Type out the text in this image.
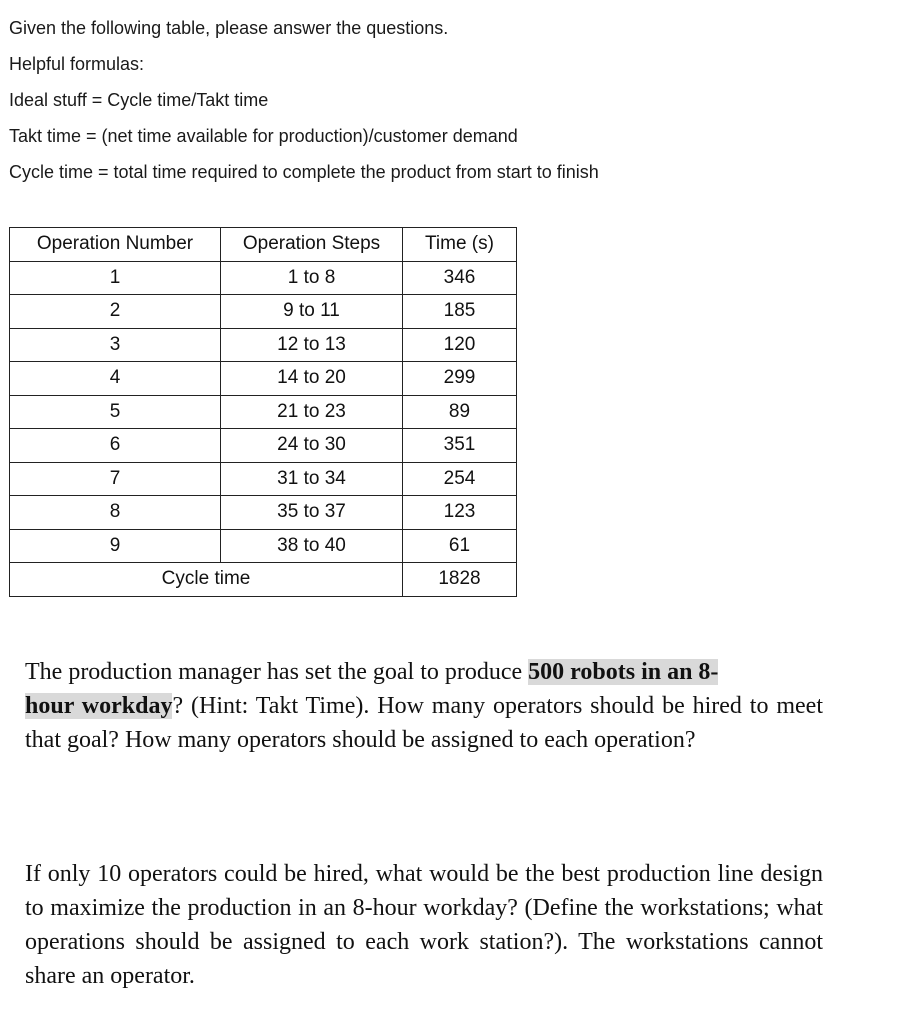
Given the following table, please answer the questions.

Helpful formulas:

Ideal stuff = Cycle time/Takt time

Takt time = (net time available for production)/customer demand

Cycle time = total time required to complete the product from start to finish

Operation Number	Operation Steps	Time (s)
1	1 to 8	346
2	9 to 11	185
3	12 to 13	120
4	14 to 20	299
5	21 to 23	89
6	24 to 30	351
7	31 to 34	254
8	35 to 37	123
9	38 to 40	61
Cycle time		1828

The production manager has set the goal to produce 500 robots in an 8-
hour workday? (Hint: Takt Time). How many operators should be hired to meet that goal? How many operators should be assigned to each operation?

If only 10 operators could be hired, what would be the best production line design to maximize the production in an 8-hour workday? (Define the workstations; what operations should be assigned to each work station?). The workstations cannot share an operator.
